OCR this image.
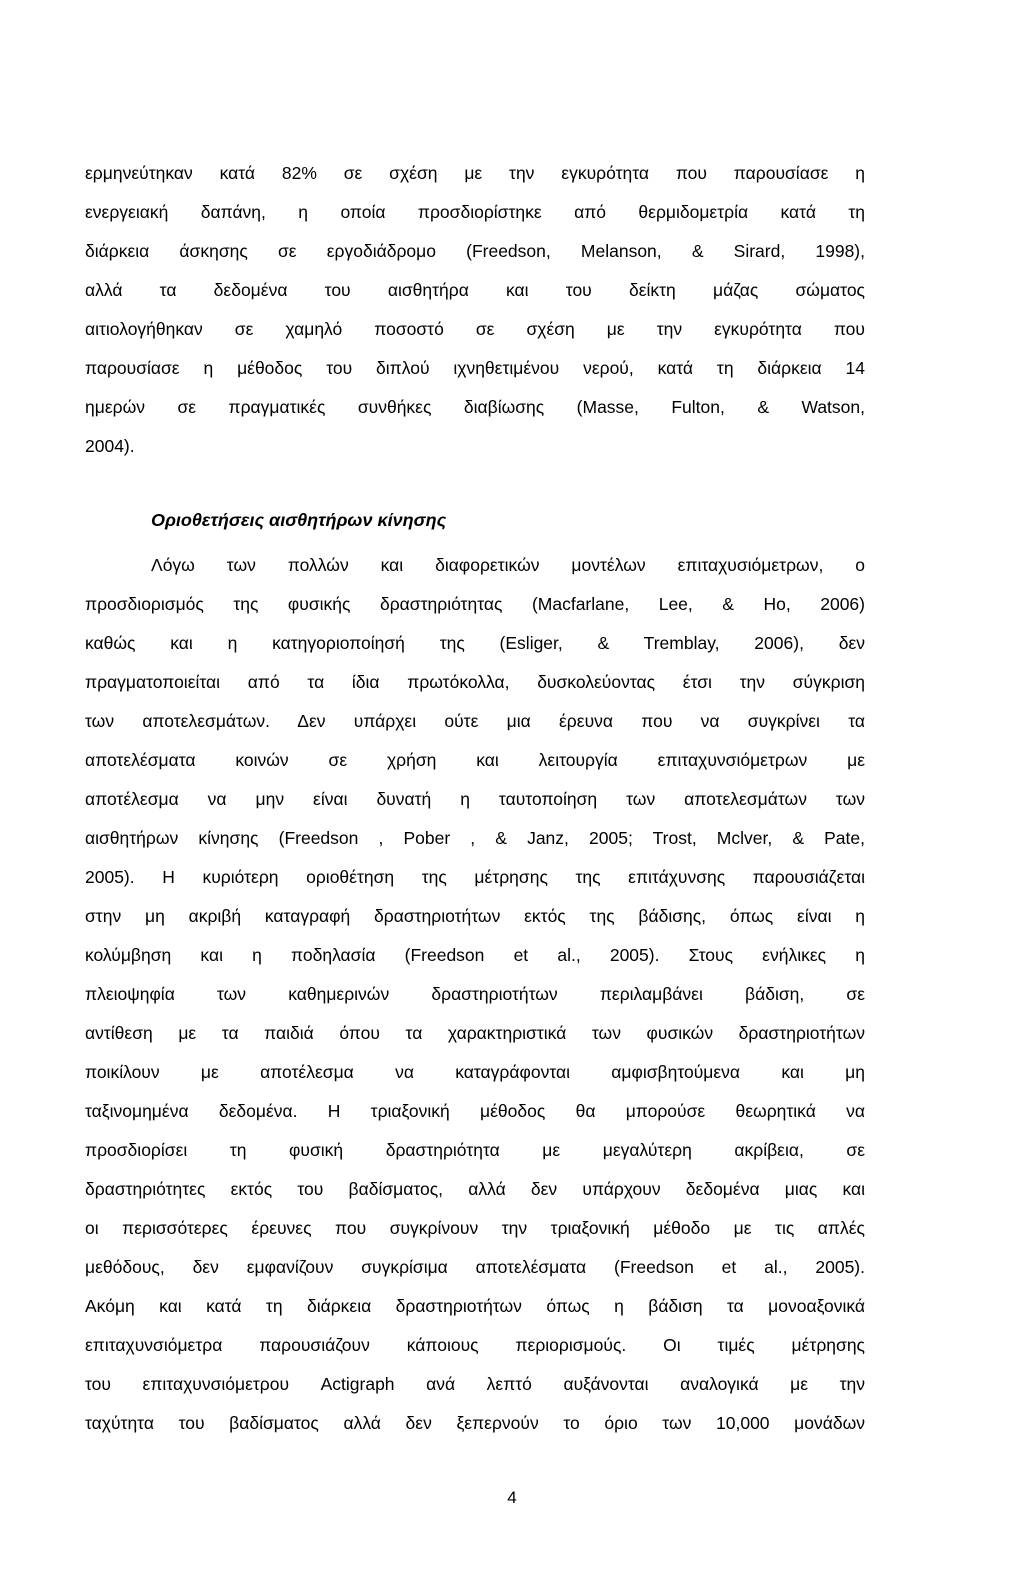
ερμηνεύτηκαν κατά 82% σε σχέση με την εγκυρότητα που παρουσίασε η
ενεργειακή δαπάνη, η οποία προσδιορίστηκε από θερμιδομετρία κατά τη
διάρκεια άσκησης σε εργοδιάδρομο (Freedson, Melanson, & Sirard, 1998),
αλλά τα δεδομένα του αισθητήρα και του δείκτη μάζας σώματος
αιτιολογήθηκαν σε χαμηλό ποσοστό σε σχέση με την εγκυρότητα που
παρουσίασε η μέθοδος του διπλού ιχνηθετιμένου νερού, κατά τη διάρκεια 14
ημερών σε πραγματικές συνθήκες διαβίωσης (Masse, Fulton, & Watson,
2004).
Οριοθετήσεις αισθητήρων κίνησης
Λόγω των πολλών και διαφορετικών μοντέλων επιταχυσιόμετρων, ο
προσδιορισμός της φυσικής δραστηριότητας (Macfarlane, Lee, & Ho, 2006)
καθώς και η κατηγοριοποίησή της (Esliger, & Tremblay, 2006), δεν
πραγματοποιείται από τα ίδια πρωτόκολλα, δυσκολεύοντας έτσι την σύγκριση
των αποτελεσμάτων. Δεν υπάρχει ούτε μια έρευνα που να συγκρίνει τα
αποτελέσματα κοινών σε χρήση και λειτουργία επιταχυνσιόμετρων με
αποτέλεσμα να μην είναι δυνατή η ταυτοποίηση των αποτελεσμάτων των
αισθητήρων κίνησης (Freedson , Pober , & Janz, 2005; Trost, Mclver, & Pate,
2005). Η κυριότερη οριοθέτηση της μέτρησης της επιτάχυνσης παρουσιάζεται
στην μη ακριβή καταγραφή δραστηριοτήτων εκτός της βάδισης, όπως είναι η
κολύμβηση και η ποδηλασία (Freedson et al., 2005). Στους ενήλικες η
πλειοψηφία των καθημερινών δραστηριοτήτων περιλαμβάνει βάδιση, σε
αντίθεση με τα παιδιά όπου τα χαρακτηριστικά των φυσικών δραστηριοτήτων
ποικίλουν με αποτέλεσμα να καταγράφονται αμφισβητούμενα και μη
ταξινομημένα δεδομένα. Η τριαξονική μέθοδος θα μπορούσε θεωρητικά να
προσδιορίσει τη φυσική δραστηριότητα με μεγαλύτερη ακρίβεια, σε
δραστηριότητες εκτός του βαδίσματος, αλλά δεν υπάρχουν δεδομένα μιας και
οι περισσότερες έρευνες που συγκρίνουν την τριαξονική μέθοδο με τις απλές
μεθόδους, δεν εμφανίζουν συγκρίσιμα αποτελέσματα (Freedson et al., 2005).
Ακόμη και κατά τη διάρκεια δραστηριοτήτων όπως η βάδιση τα μονοαξονικά
επιταχυνσιόμετρα παρουσιάζουν κάποιους περιορισμούς. Οι τιμές μέτρησης
του επιταχυνσιόμετρου Actigraph ανά λεπτό αυξάνονται αναλογικά με την
ταχύτητα του βαδίσματος αλλά δεν ξεπερνούν το όριο των 10,000 μονάδων
4
